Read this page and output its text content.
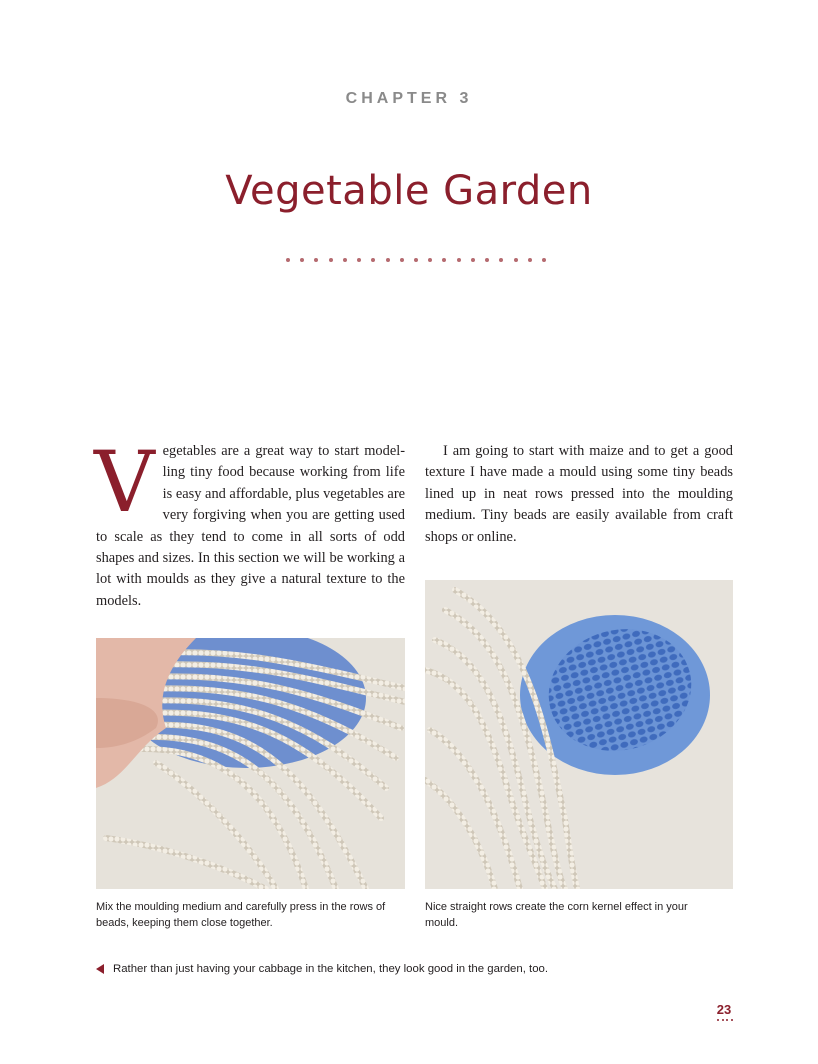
CHAPTER 3
Vegetable Garden
Vegetables are a great way to start model-ling tiny food because working from life is easy and affordable, plus vegetables are very forgiving when you are getting used to scale as they tend to come in all sorts of odd shapes and sizes. In this section we will be working a lot with moulds as they give a natural texture to the models.
I am going to start with maize and to get a good texture I have made a mould using some tiny beads lined up in neat rows pressed into the moulding medium. Tiny beads are easily available from craft shops or online.
Mix the moulding medium and carefully press in the rows of beads, keeping them close together.
Nice straight rows create the corn kernel effect in your mould.
Rather than just having your cabbage in the kitchen, they look good in the garden, too.
23
